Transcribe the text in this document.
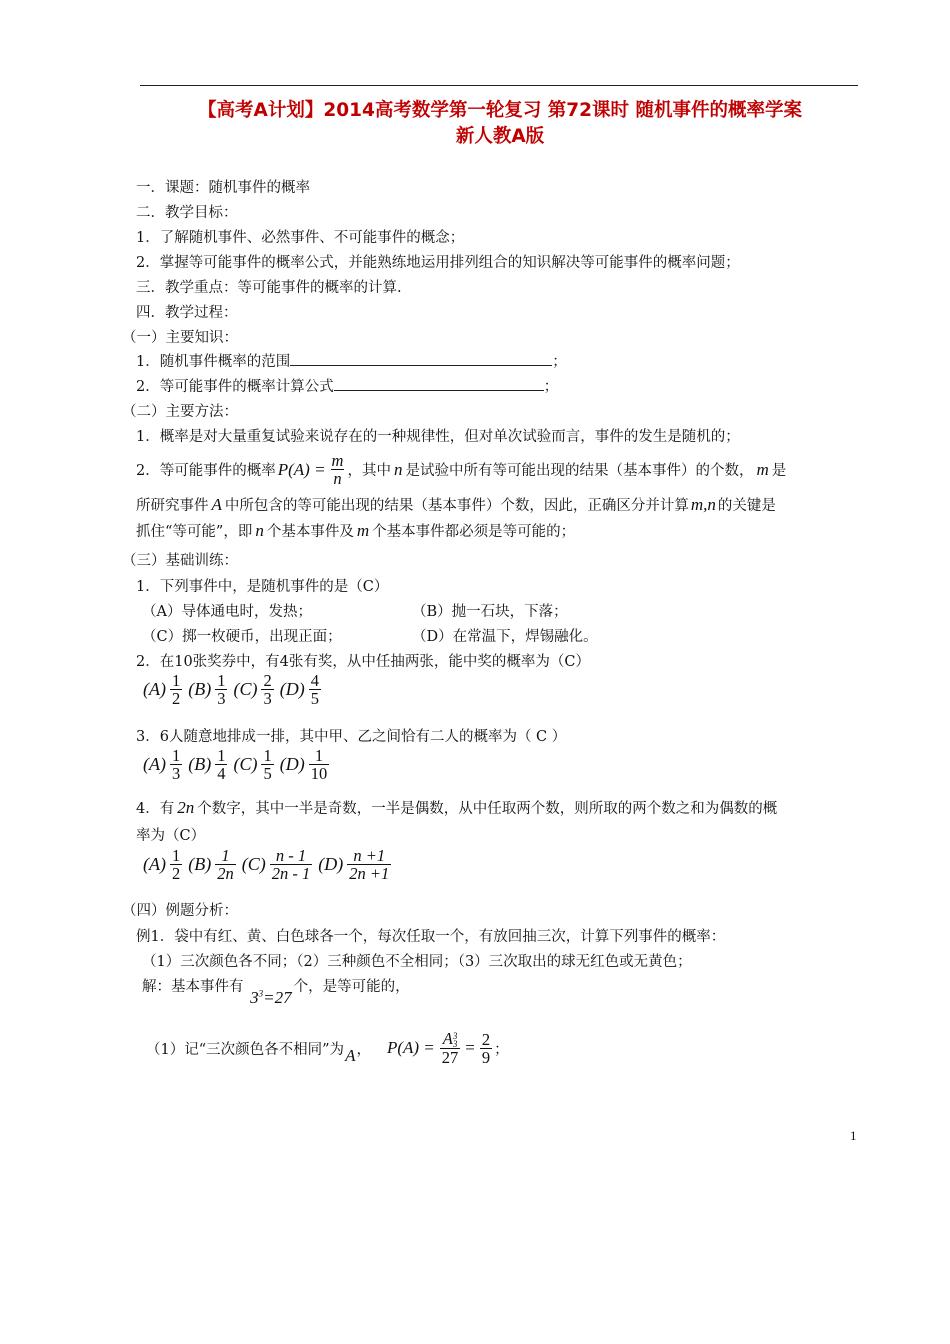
【高考A计划】2014高考数学第一轮复习 第72课时 随机事件的概率学案
新人教A版
一．课题：随机事件的概率
二．教学目标：
1．了解随机事件、必然事件、不可能事件的概念；
2．掌握等可能事件的概率公式，并能熟练地运用排列组合的知识解决等可能事件的概率问题；
三．教学重点：等可能事件的概率的计算.
四．教学过程：
（一）主要知识：
1．随机事件概率的范围	；
2．等可能事件的概率计算公式	；
（二）主要方法：
1．概率是对大量重复试验来说存在的一种规律性，但对单次试验而言，事件的发生是随机的；
2．等可能事件的概率 $P(A) = \frac{m}{n}$ ，其中 n 是试验中所有等可能出现的结果（基本事件）的个数， m 是
所研究事件 A 中所包含的等可能出现的结果（基本事件）个数，因此，正确区分并计算 m,n 的关键是
抓住“等可能”，即 n 个基本事件及 m 个基本事件都必须是等可能的；
（三）基础训练：
1．下列事件中，是随机事件的是（C）
（A）导体通电时，发热；	（B）抛一石块，下落；
（C）掷一枚硬币，出现正面；	（D）在常温下，焊锡融化。
2．在10张奖券中，有4张有奖，从中任抽两张，能中奖的概率为（C）
$(A) \frac{1}{2} (B) \frac{1}{3} (C) \frac{2}{3} (D) \frac{4}{5}$
3．6人随意地排成一排，其中甲、乙之间恰有二人的概率为（ C ）
$(A) \frac{1}{3} (B) \frac{1}{4} (C) \frac{1}{5} (D) \frac{1}{10}$
4．有 2n 个数字，其中一半是奇数，一半是偶数，从中任取两个数，则所取的两个数之和为偶数的概
率为（C）
$(A) \frac{1}{2} (B) \frac{1}{2n} (C) \frac{n - 1}{2n - 1} (D) \frac{n +1}{2n +1}$
（四）例题分析：
例1．袋中有红、黄、白色球各一个，每次任取一个，有放回抽三次，计算下列事件的概率：
（1）三次颜色各不同；（2）三种颜色不全相同；（3）三次取出的球无红色或无黄色；
解：基本事件有 $3^3=27$个，是等可能的，
（1）记“三次颜色各不相同”为 A ， P(A) = A 3
3
$27 = \frac{2}{9}$ ；
1
